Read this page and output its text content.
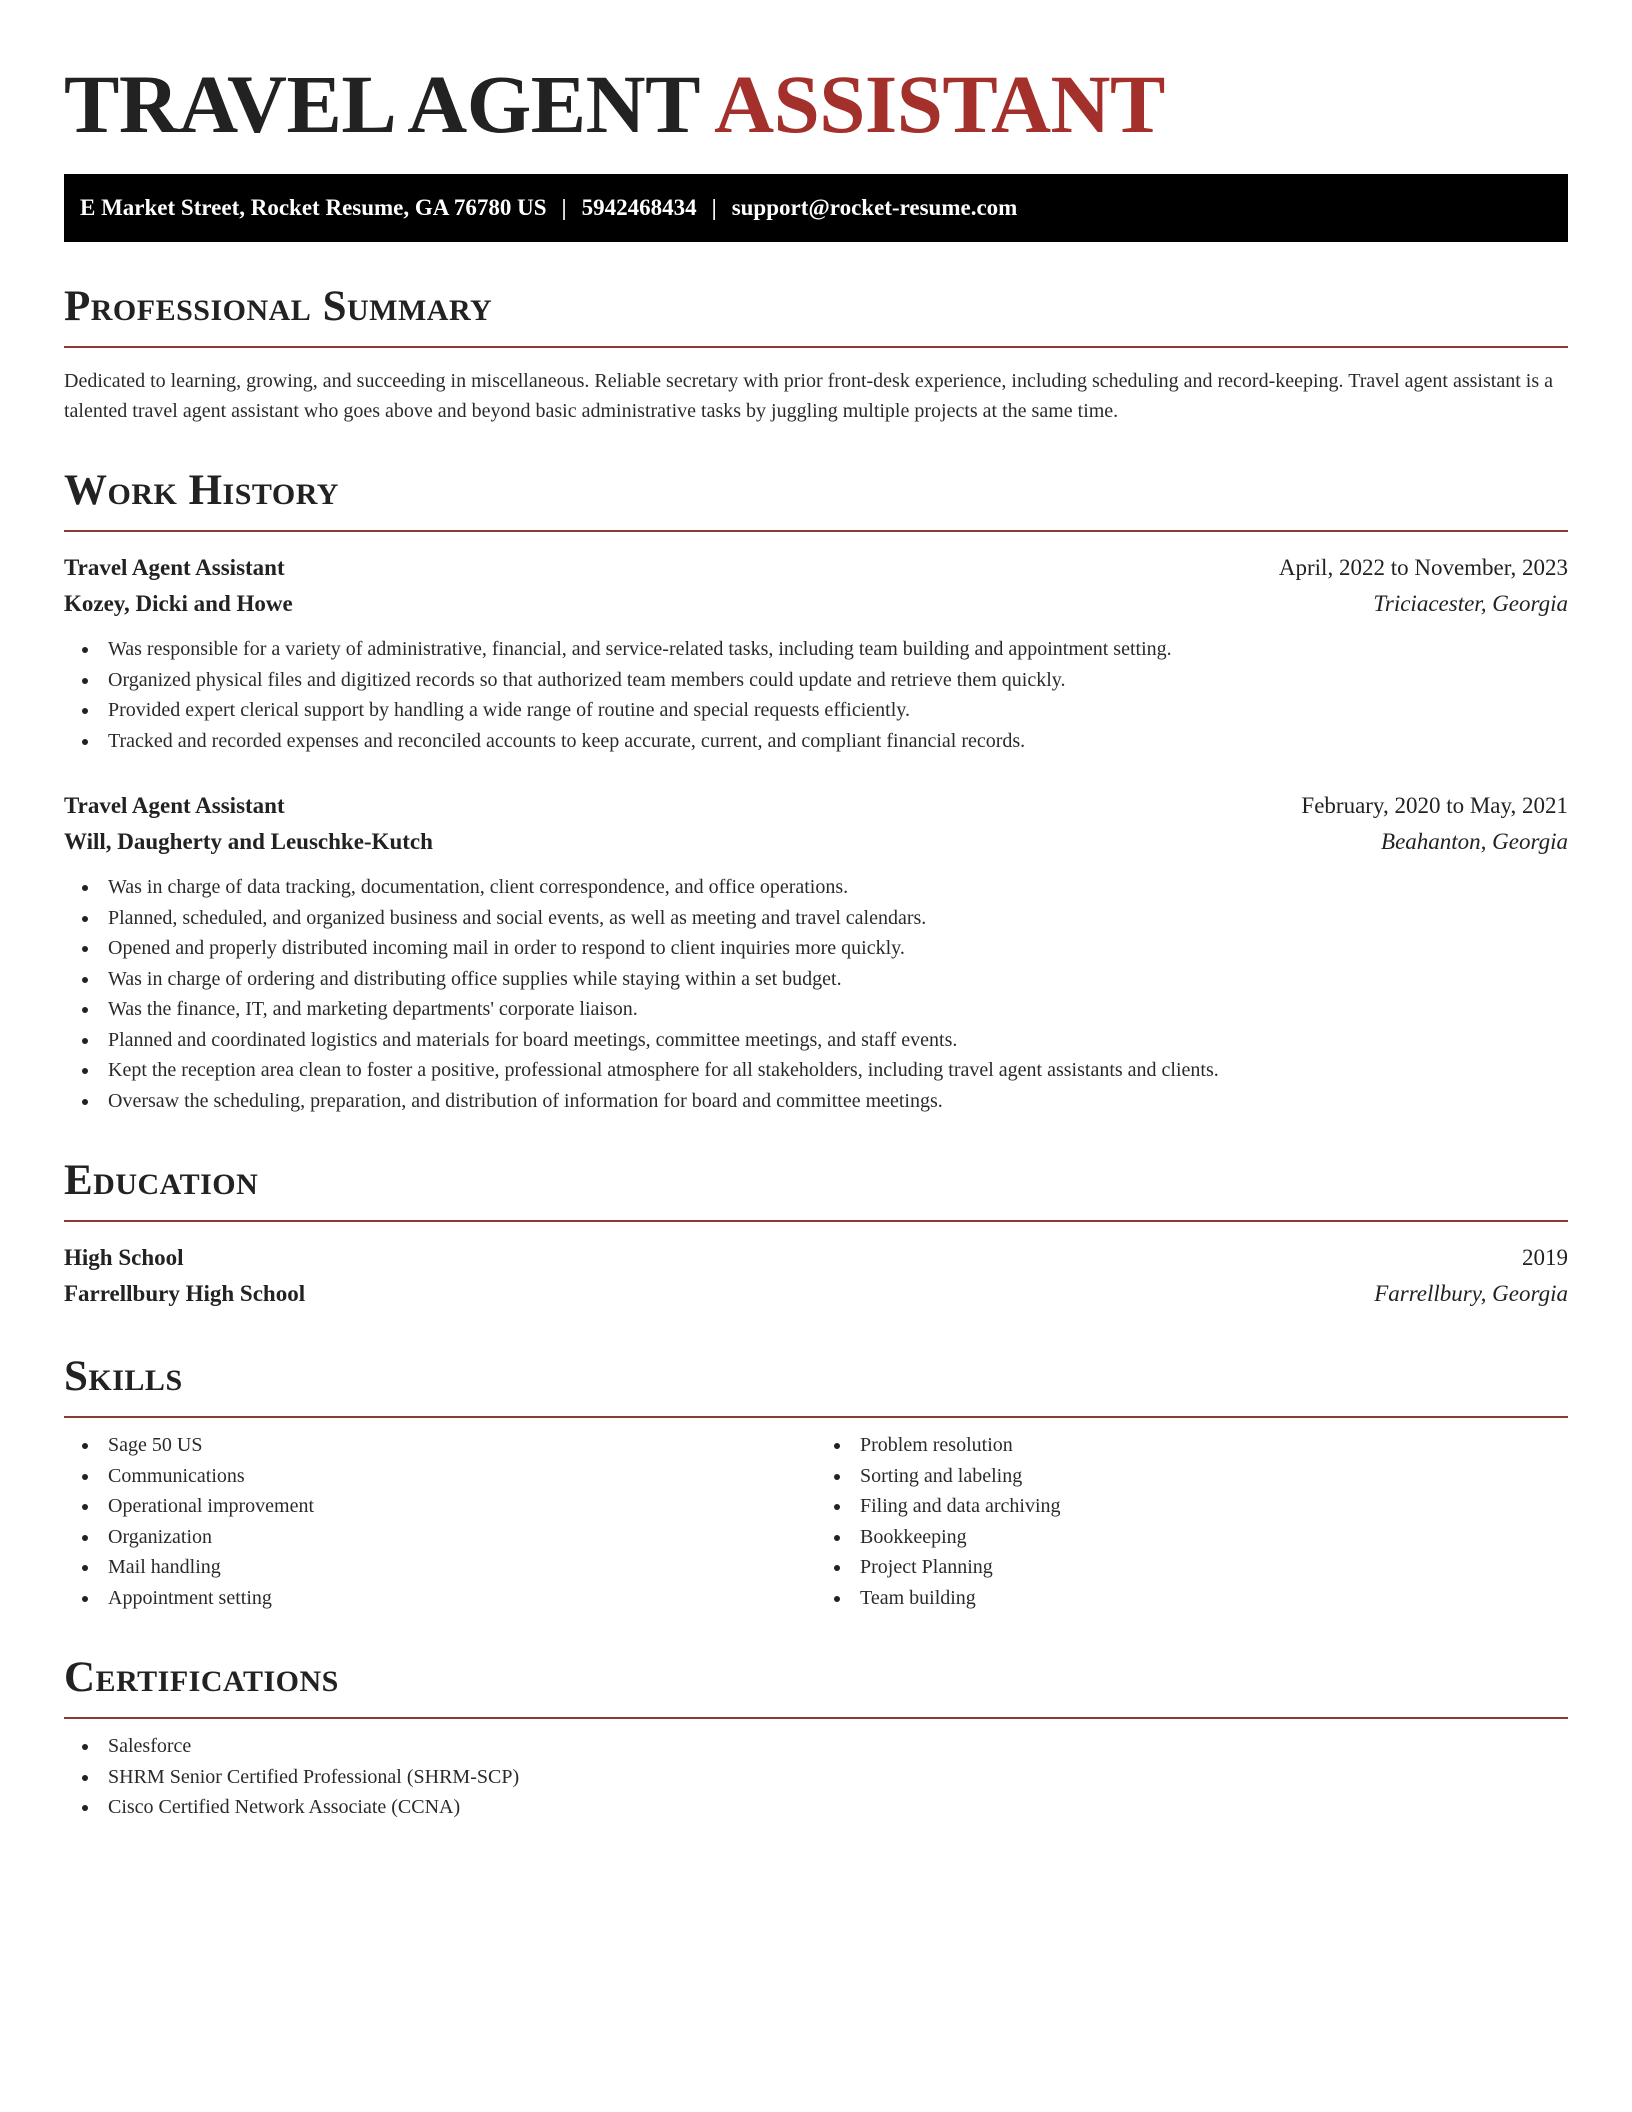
TRAVEL AGENT ASSISTANT
E Market Street, Rocket Resume, GA 76780 US | 5942468434 | support@rocket-resume.com
Professional Summary

Dedicated to learning, growing, and succeeding in miscellaneous. Reliable secretary with prior front-desk experience, including scheduling and record-keeping. Travel agent assistant is a talented travel agent assistant who goes above and beyond basic administrative tasks by juggling multiple projects at the same time.

Work History
Travel Agent Assistant	April, 2022 to November, 2023
Kozey, Dicki and Howe	Triciacester, Georgia
Was responsible for a variety of administrative, financial, and service-related tasks, including team building and appointment setting.
Organized physical files and digitized records so that authorized team members could update and retrieve them quickly.
Provided expert clerical support by handling a wide range of routine and special requests efficiently.
Tracked and recorded expenses and reconciled accounts to keep accurate, current, and compliant financial records.
Travel Agent Assistant	February, 2020 to May, 2021
Will, Daugherty and Leuschke-Kutch	Beahanton, Georgia
Was in charge of data tracking, documentation, client correspondence, and office operations.
Planned, scheduled, and organized business and social events, as well as meeting and travel calendars.
Opened and properly distributed incoming mail in order to respond to client inquiries more quickly.
Was in charge of ordering and distributing office supplies while staying within a set budget.
Was the finance, IT, and marketing departments' corporate liaison.
Planned and coordinated logistics and materials for board meetings, committee meetings, and staff events.
Kept the reception area clean to foster a positive, professional atmosphere for all stakeholders, including travel agent assistants and clients.
Oversaw the scheduling, preparation, and distribution of information for board and committee meetings.
Education
High School	2019
Farrellbury High School	Farrellbury, Georgia
Skills
Sage 50 US
Communications
Operational improvement
Organization
Mail handling
Appointment setting
Problem resolution
Sorting and labeling
Filing and data archiving
Bookkeeping
Project Planning
Team building
Certifications
Salesforce
SHRM Senior Certified Professional (SHRM-SCP)
Cisco Certified Network Associate (CCNA)
